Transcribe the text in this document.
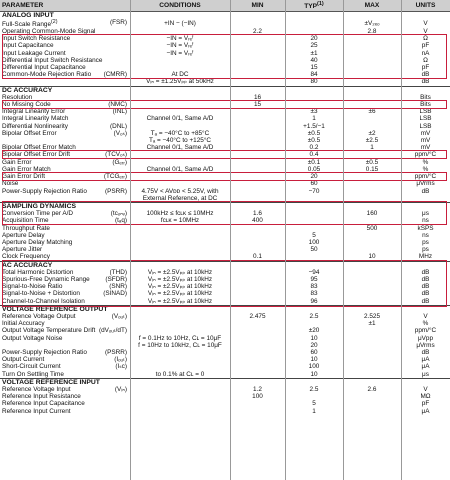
PARAMETER	CONDITIONS	MIN	TYP$^{(1)}$	MAX	UNITS
ANALOG INPUT					
Full-Scale Range$^{(2)}$ (FSR)	+IN − (−IN)			±V₂ₑₒ	V
Operating Common-Mode Signal		2.2		2.8	V
Input Switch Resistance	−IN = Vᵣₑᶠ		20		Ω
Input Capacitance	−IN = Vᵣₑᶠ		25		pF
Input Leakage Current	−IN = Vᵣₑᶠ		±1		nA
Differential Input Switch Resistance			40		Ω
Differential Input Capacitance			15		pF
Common-Mode Rejection Ratio (CMRR)	At DC		84		dB

	Vᵢₙ = ±1.25Vₚₚ at 50kHz		80		dB
DC ACCURACY					
Resolution		16			Bits
No Missing Code (NMC)		15			Bits
Integral Linearity Error (INL)			±3	±6	LSB
Integral Linearity Match	Channel 0/1, Same A/D		1		LSB
Differential Nonlinearity (DNL)			+1.5/−1		LSB
Bipolar Offset Error (Vₒₛ)	Tₐ = −40°C to +85°C		±0.5	±2	mV

	Tₐ = −40°C to +125°C		±0.5	±2.5	mV
Bipolar Offset Error Match	Channel 0/1, Same A/D		0.2	1	mV
Bipolar Offset Error Drift (TCVₒₛ)			0.4		ppm/°C
Gain Error (Gₑᵣᵣ)			±0.1	±0.5	%
Gain Error Match	Channel 0/1, Same A/D		0.05	0.15	%
Gain Error Drift (TCGₑᵣᵣ)			20		ppm/°C
Noise			60		μVrms
Power-Supply Rejection Ratio (PSRR)	4.75V < AVᴅᴅ < 5.25V, with		−70		dB

	External Reference, at DC				
SAMPLING DYNAMICS					
Conversion Time per A/D (tᴄₒₙᵥ)	100kHz ≤ fᴄʟᴋ ≤ 10MHz	1.6		160	μs
Acquisition Time (tₐq)	fᴄʟᴋ = 10MHz	400			ns
Throughput Rate				500	kSPS
Aperture Delay			5		ns
Aperture Delay Matching			100		ps
Aperture Jitter			50		ps
Clock Frequency		0.1		10	MHz
AC ACCURACY					
Total Harmonic Distortion (THD)	Vᵢₙ = ±2.5Vₚₚ at 10kHz		−94		dB
Spurious-Free Dynamic Range (SFDR)	Vᵢₙ = ±2.5Vₚₚ at 10kHz		95		dB
Signal-to-Noise Ratio (SNR)	Vᵢₙ = ±2.5Vₚₚ at 10kHz		83		dB
Signal-to-Noise + Distortion (SINAD)	Vᵢₙ = ±2.5Vₚₚ at 10kHz		83		dB
Channel-to-Channel Isolation	Vᵢₙ = ±2.5Vₚₚ at 10kHz		96		dB
VOLTAGE REFERENCE OUTPUT					
Reference Voltage Output (Vₒᵤₜ)		2.475	2.5	2.525	V
Initial Accuracy				±1	%
Output Voltage Temperature Drift (dVₒᵤₜ/dT)			±20		ppm/°C
Output Voltage Noise	f = 0.1Hz to 10Hz, Cʟ = 10μF		10		μVpp

	f = 10Hz to 10kHz, Cʟ = 10μF		20		μVrms
Power-Supply Rejection Ratio (PSRR)			60		dB
Output Current (Iₒᵤₜ)			10		μA
Short-Circuit Current (Iₛᴄ)			100		μA
Turn On Settling Time	to 0.1% at Cʟ = 0		10		μs
VOLTAGE REFERENCE INPUT					
Reference Voltage Input (Vᵢₙ)		1.2	2.5	2.6	V
Reference Input Resistance		100			MΩ
Reference Input Capacitance			5		pF
Reference Input Current			1		μA
